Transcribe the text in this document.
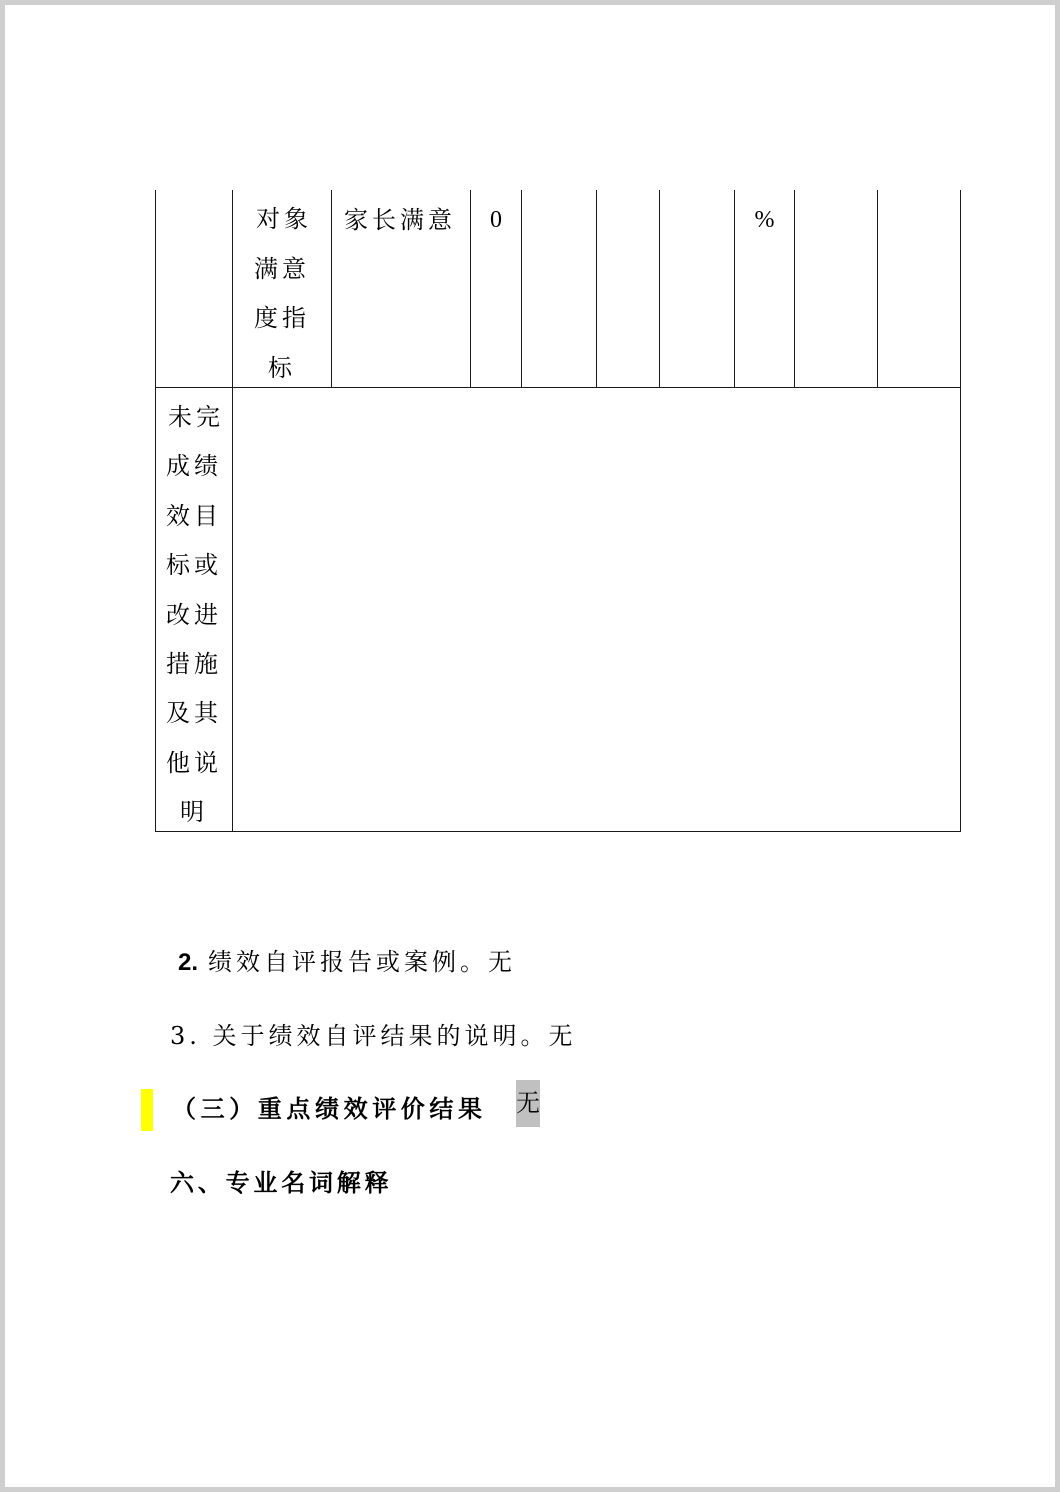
	对象满意度指标	家长满意	0				%		

未完成绩效目标或改进措施及其他说明									

2. 绩效自评报告或案例。无
3. 关于绩效自评结果的说明。无
（三）重点绩效评价结果 无
六、专业名词解释
